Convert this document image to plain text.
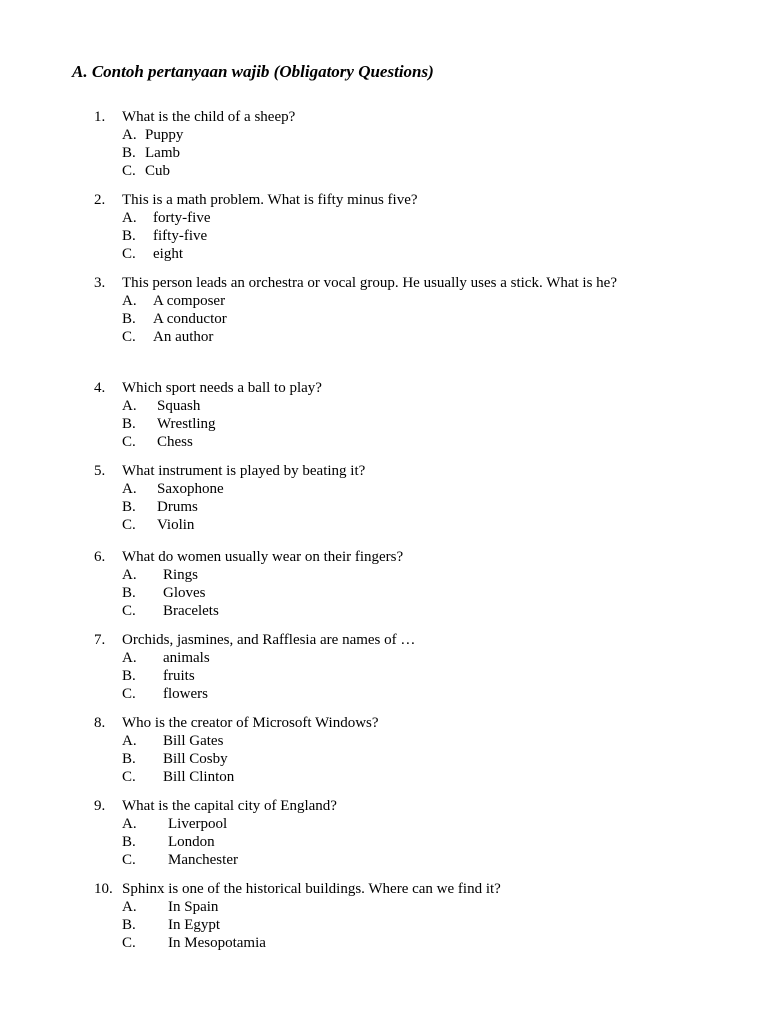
A. Contoh pertanyaan wajib (Obligatory Questions)
1.	What is the child of a sheep?
A. Puppy
B. Lamb
C. Cub
2.	This is a math problem. What is fifty minus five?
A.	forty-five
B.	fifty-five
C.	eight
3.	This person leads an orchestra or vocal group. He usually uses a stick. What is he?
A.	A composer
B.	A conductor
C.	An author
4.	Which sport needs a ball to play?
A.	Squash
B.	Wrestling
C.	Chess
5.	What instrument is played by beating it?
A.	Saxophone
B.	Drums
C.	Violin
6.	What do women usually wear on their fingers?
A.	Rings
B.	Gloves
C.	Bracelets
7.	Orchids, jasmines, and Rafflesia are names of …
A.	animals
B.	fruits
C.	flowers
8.	Who is the creator of Microsoft Windows?
A.	Bill Gates
B.	Bill Cosby
C.	Bill Clinton
9.	What is the capital city of England?
A.	Liverpool
B.	London
C.	Manchester
10. Sphinx is one of the historical buildings. Where can we find it?
A.	In Spain
B.	In Egypt
C.	In Mesopotamia
